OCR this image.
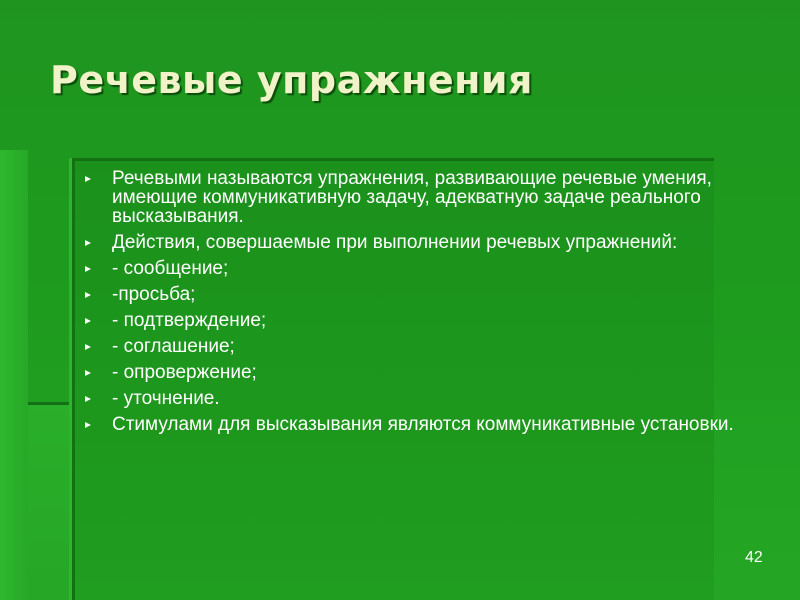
Речевые упражнения
Речевыми называются упражнения, развивающие речевые умения, имеющие коммуникативную задачу, адекватную задаче реального высказывания.
Действия, совершаемые при выполнении речевых упражнений:
- сообщение;
-просьба;
- подтверждение;
- соглашение;
- опровержение;
- уточнение.
Стимулами для высказывания являются коммуникативные установки.
42
